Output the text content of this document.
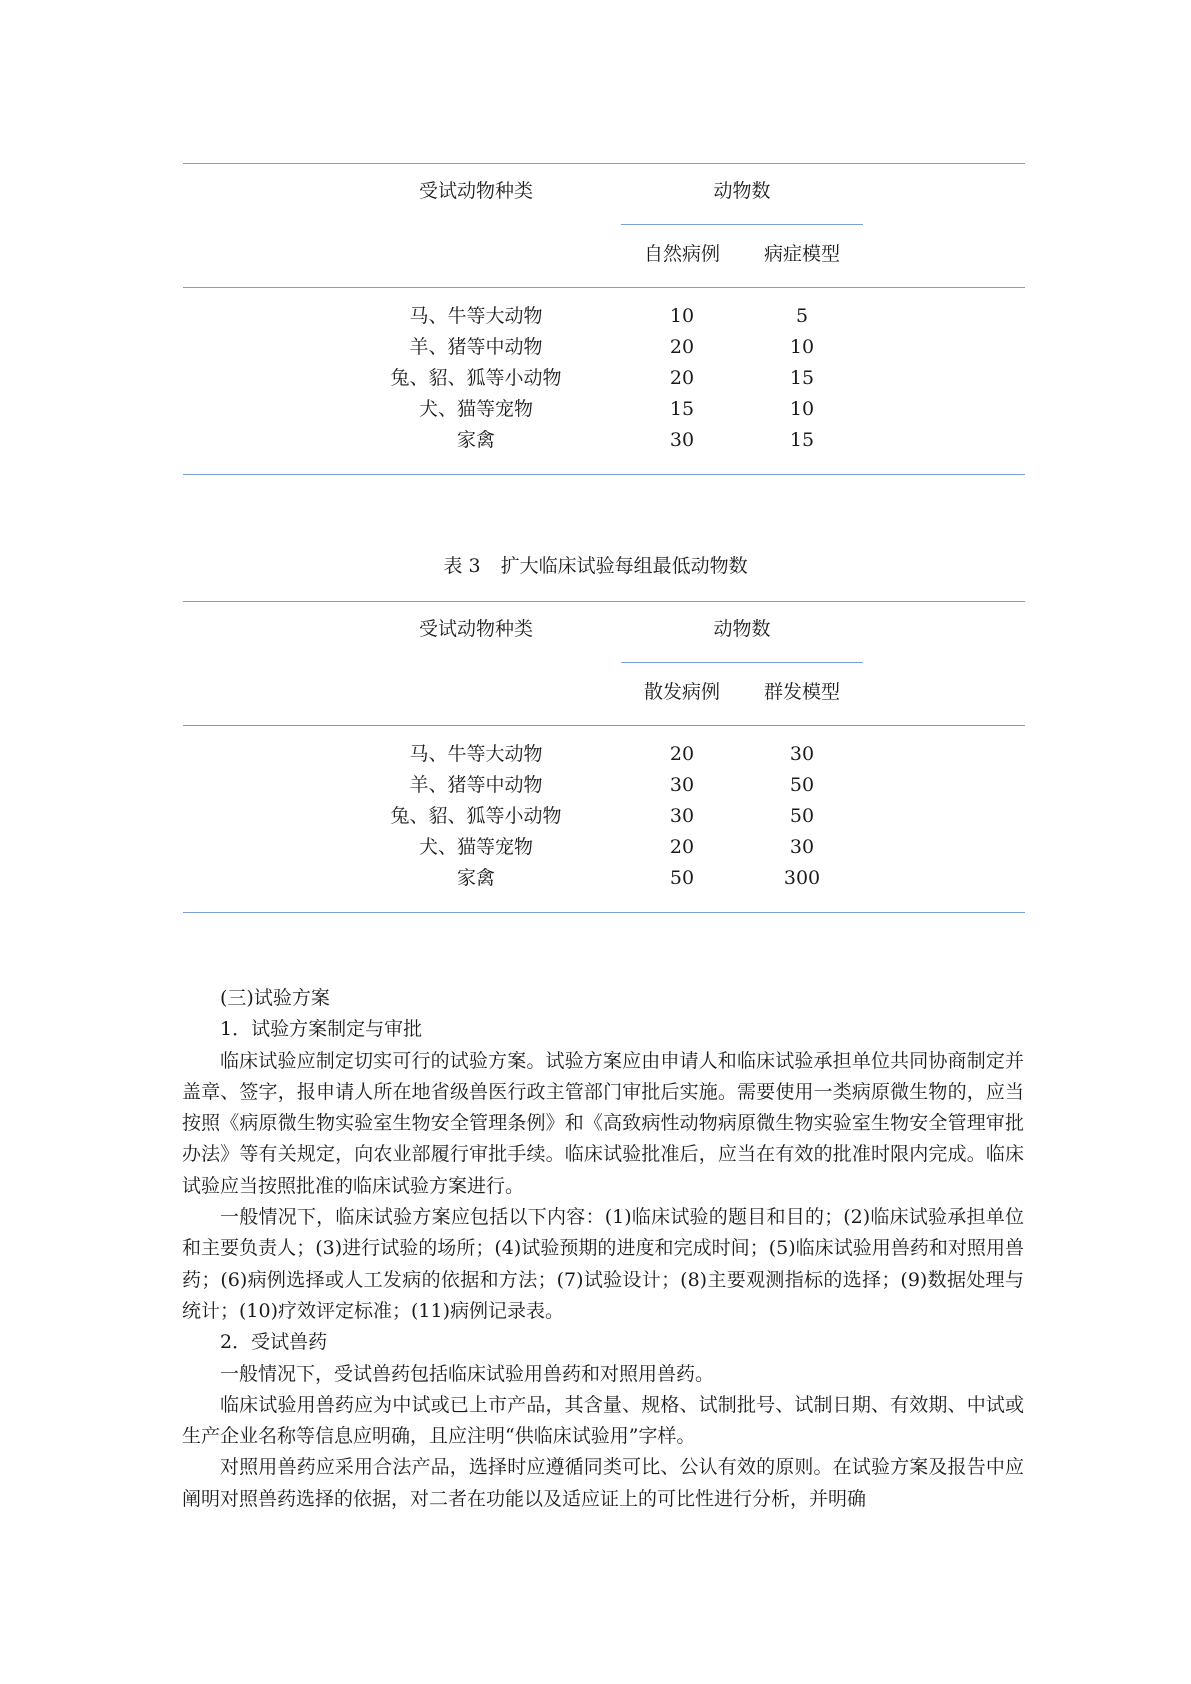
受试动物种类	动物数
自然病例 病症模型
马、牛等大动物	10	5
羊、猪等中动物	20	10
兔、貂、狐等小动物	20	15
犬、猫等宠物	15	10
家禽	30	15
表 3 扩大临床试验每组最低动物数
受试动物种类	动物数
散发病例 群发模型
马、牛等大动物	20	30
羊、猪等中动物	30	50
兔、貂、狐等小动物	30	50
犬、猫等宠物	20	30
家禽	50	300

(三)试验方案

1．试验方案制定与审批

临床试验应制定切实可行的试验方案。试验方案应由申请人和临床试验承担单位共同协商制定并盖章、签字，报申请人所在地省级兽医行政主管部门审批后实施。需要使用一类病原微生物的，应当按照《病原微生物实验室生物安全管理条例》和《高致病性动物病原微生物实验室生物安全管理审批办法》等有关规定，向农业部履行审批手续。临床试验批准后，应当在有效的批准时限内完成。临床试验应当按照批准的临床试验方案进行。

一般情况下，临床试验方案应包括以下内容：(1)临床试验的题目和目的；(2)临床试验承担单位和主要负责人；(3)进行试验的场所；(4)试验预期的进度和完成时间；(5)临床试验用兽药和对照用兽药；(6)病例选择或人工发病的依据和方法；(7)试验设计；(8)主要观测指标的选择；(9)数据处理与统计；(10)疗效评定标准；(11)病例记录表。

2．受试兽药

一般情况下，受试兽药包括临床试验用兽药和对照用兽药。

临床试验用兽药应为中试或已上市产品，其含量、规格、试制批号、试制日期、有效期、中试或生产企业名称等信息应明确，且应注明“供临床试验用”字样。

对照用兽药应采用合法产品，选择时应遵循同类可比、公认有效的原则。在试验方案及报告中应阐明对照兽药选择的依据，对二者在功能以及适应证上的可比性进行分析，并明确
